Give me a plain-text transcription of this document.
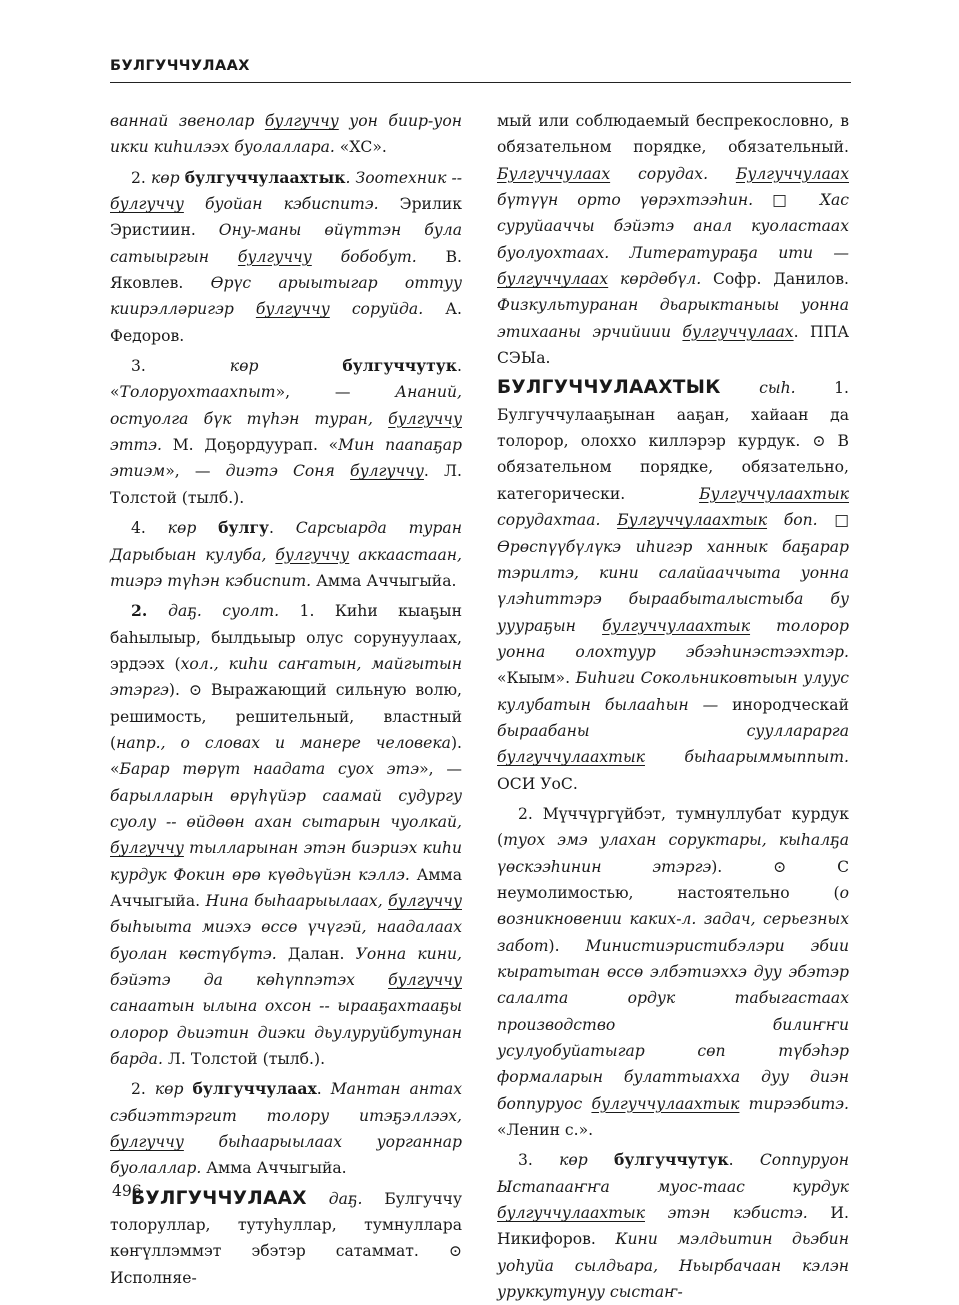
БУЛГУЧЧУЛААХ

ваннай звенолар булгуччу уон биир-уон икки киһилээх буолаллара. «ХС».

2. көр булгуччулаахтык. Зоотехник -- булгуччу буойан кэбиспитэ. Эрилик Эристиин. Ону-маны өйүттэн була сатыыргын булгуччу бобобут. В. Яковлев. Өрүс арыытыгар оттуу киирэлләригэр булгуччу соруйда. А. Федоров.

3. көр булгуччутук. «Толоруохтаахпыт», — Ананий, остуолга бүк түһэн туран, булгуччу эттэ. М. Доҕордуурап. «Мин паапаҕар этиэм», — диэтэ Соня булгуччу. Л. Толстой (тылб.).

4. көр булгу. Сарсыарда туран Дарыбыан кулуба, булгуччу аккаастаан, тиэрэ түһэн кэбиспит. Амма Аччыгыйа.

2. даҕ. суолт. 1. Киһи кыаҕын баһылыыр, былдьыыр олус сорунуулаах, эрдээх (хол., киһи саҥатын, майгытын этэргэ). ⊙ Выражающий сильную волю, решимость, решительный, властный (напр., о словах и манере человека). «Барар төрүт наадата суох этэ», — барылларын өрүһүйэр саамай судургу суолу -- өйдөөн ахан сытарын чуолкай, булгуччу тылларынан этэн биэриэх киһи курдук Фокин өрө күөдьүйэн кэллэ. Амма Аччыгыйа. Нина быһаарыылаах, булгуччу быһыыта миэхэ өссө үчүгэй, наадалаах буолан көстүбүтэ. Далан. Уонна кини, бэйэтэ да көһүппэтэх булгуччу санаатын ылына охсон -- ырааҕахтааҕы олорор дьиэтин диэки дьулуруйбутунан барда. Л. Толстой (тылб.).

2. көр булгуччулаах. Мантан антах сэбиэттэргит толору итэҕэллээх, булгуччу быһаарыылаах уорганнар буолаллар. Амма Аччыгыйа.

БУЛГУЧЧУЛААХ даҕ. Булгуччу толоруллар, тутуһуллар, тумнуллара көҥүллэммэт эбэтэр сатаммат. ⊙ Исполняе-

мый или соблюдаемый беспрекословно, в обязательном порядке, обязательный. Булгуччулаах сорудах. Булгуччулаах бүтүүн орто үөрэхтээһин. □ Хас суруйааччы бэйэтэ анал куоластаах буолуохтаах. Литератураҕа ити — булгуччулаах көрдөбүл. Софр. Данилов. Физкультуранан дьарыктаныы уонна этихааны эрчийиии булгуччулаах. ППА СЭЫа.

БУЛГУЧЧУЛААХТЫК сыһ. 1. Булгуччулааҕынан ааҕан, хайаан да толорор, олоххо киллэрэр курдук. ⊙ В обязательном порядке, обязательно, категорически. Булгуччулаахтык сорудахтаа. Булгуччулаахтык боп. □ Өрөспүүбүлүкэ иһигэр ханнык баҕарар тэрилтэ, кини салайааччыта уонна үлэһиттэрэ быраабыталыстыба бу ууураҕын булгуччулаахтык толорор уонна олохтуур эбээһинэстээхтэр. «Кыым». Биһиги Сокольниковтыын улуус кулубатын былааһын — инородческай быраабаны суулларарга булгуччулаахтык быһаарыммыппыт. ОСИ УоС.

2. Мүччүргүйбэт, тумнуллубат курдук (туох эмэ улахан соруктары, кыһалҕа үөскээһинин этэргэ). ⊙ С неумолимостью, настоятельно (о возникновении каких-л. задач, серьезных забот). Министиэристибэлэри эбии кыратытан өссө элбэтиэххэ дуу эбэтэр салалта ордук табыгастаах производство билиҥҥи усулуобуйатыгар сөп түбэһэр формаларын булаттыахха дуу диэн боппуруос булгуччулаахтык тирээбитэ. «Ленин с.».

3. көр булгуччутук. Соппуруон Ыстапааҥҥа муос-таас курдук булгуччулаахтык этэн кэбистэ. И. Никифоров. Кини мэлдьитин дьэбин уоһуйа сылдьара, Ньырбачаан кэлэн уруккутунуу сыстаҥ-

496
